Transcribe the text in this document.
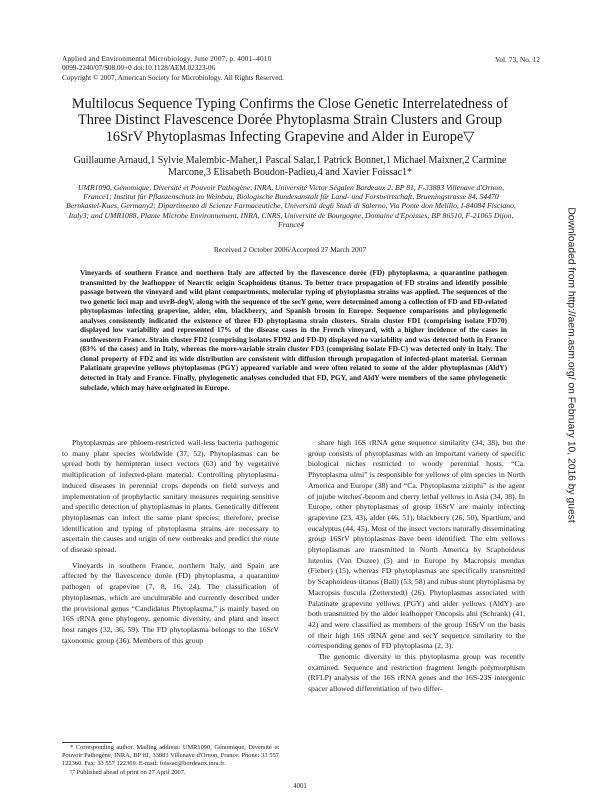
Applied and Environmental Microbiology, June 2007, p. 4001–4010
0099-2240/07/$08.00+0 doi:10.1128/AEM.02323-06
Copyright © 2007, American Society for Microbiology. All Rights Reserved.
Vol. 73, No. 12
Multilocus Sequence Typing Confirms the Close Genetic Interrelatedness of Three Distinct Flavescence Dorée Phytoplasma Strain Clusters and Group 16SrV Phytoplasmas Infecting Grapevine and Alder in Europe▽
Guillaume Arnaud,1 Sylvie Malembic-Maher,1 Pascal Salar,1 Patrick Bonnet,1 Michael Maixner,2 Carmine Marcone,3 Elisabeth Boudon-Padieu,4 and Xavier Foissac1*
UMR1090, Génomique, Diversité et Pouvoir Pathogène, INRA, Université Victor Ségalen Bordeaux 2, BP 81, F-33883 Villenave d'Ornon, France1; Institut für Pflanzenschutz im Weinbau, Biologische Bundesanstalt für Land- und Forstwirtschaft, Brueningstrasse 84, 54470 Bernkastel-Kues, Germany2; Dipartimento di Scienze Farmaceutiche, Università degli Studi di Salerno, Via Ponte don Melillo, I-84084 Fisciano, Italy3; and UMR1088, Plante Microbe Environnement, INRA, CNRS, Université de Bourgogne, Domaine d'Epoisses, BP 86510, F-21065 Dijon, France4
Received 2 October 2006/Accepted 27 March 2007
Vineyards of southern France and northern Italy are affected by the flavescence dorée (FD) phytoplasma, a quarantine pathogen transmitted by the leafhopper of Nearctic origin Scaphoideus titanus. To better trace propagation of FD strains and identify possible passage between the vineyard and wild plant compartments, molecular typing of phytoplasma strains was applied. The sequences of the two genetic loci map and uvrB-degV, along with the sequence of the secY gene, were determined among a collection of FD and FD-related phytoplasmas infecting grapevine, alder, elm, blackberry, and Spanish broom in Europe. Sequence comparisons and phylogenetic analyses consistently indicated the existence of three FD phytoplasma strain clusters. Strain cluster FD1 (comprising isolate FD70) displayed low variability and represented 17% of the disease cases in the French vineyard, with a higher incidence of the cases in southwestern France. Strain cluster FD2 (comprising isolates FD92 and FD-D) displayed no variability and was detected both in France (83% of the cases) and in Italy, whereas the more-variable strain cluster FD3 (comprising isolate FD-C) was detected only in Italy. The clonal property of FD2 and its wide distribution are consistent with diffusion through propagation of infected-plant material. German Palatinate grapevine yellows phytoplasmas (PGY) appeared variable and were often related to some of the alder phytoplasmas (AldY) detected in Italy and France. Finally, phylogenetic analyses concluded that FD, PGY, and AldY were members of the same phylogenetic subclade, which may have originated in Europe.

Phytoplasmas are phloem-restricted wall-less bacteria pathogenic to many plant species worldwide (37, 52). Phytoplasmas can be spread both by hemipteran insect vectors (63) and by vegetative multiplication of infected-plant material. Controlling phytoplasma-induced diseases in perennial crops depends on field surveys and implementation of prophylactic sanitary measures requiring sensitive and specific detection of phytoplasmas in plants. Genetically different phytoplasmas can infect the same plant species; therefore, precise identification and typing of phytoplasma strains are necessary to ascertain the causes and origin of new outbreaks and predict the route of disease spread.

Vineyards in southern France, northern Italy, and Spain are affected by the flavescence dorée (FD) phytoplasma, a quarantine pathogen of grapevine (7, 8, 16, 24). The classification of phytoplasmas, which are unculturable and currently described under the provisional genus “Candidatus Phytoplasma,” is mainly based on 16S rRNA gene phylogeny, genomic diversity, and plant and insect host ranges (32, 36, 59). The FD phytoplasma belongs to the 16SrV taxonomic group (36). Members of this group

share high 16S rRNA gene sequence similarity (34, 38), but the group consists of phytoplasmas with an important variety of specific biological niches restricted to woody perennial hosts. “Ca. Phytoplasma ulmi” is responsible for yellows of elm species in North America and Europe (38) and “Ca. Phytoplasma ziziphi” is the agent of jujube witches'-broom and cherry lethal yellows in Asia (34, 38). In Europe, other phytoplasmas of group 16SrV are mainly infecting grapevine (23, 43), alder (46, 51), blackberry (26, 50), Spartium, and eucalyptus (44, 45). Most of the insect vectors naturally disseminating group 16SrV phytoplasmas have been identified. The elm yellows phytoplasmas are transmitted in North America by Scaphoideus luteolus (Van Duzee) (5) and in Europe by Macropsis mendax (Fieber) (15), whereas FD phytoplasmas are specifically transmitted by Scaphoideus titanus (Ball) (53, 58) and rubus stunt phytoplasma by Macropsis fuscula (Zetterstedt) (26). Phytoplasmas associated with Palatinate grapevine yellows (PGY) and alder yellows (AldY) are both transmitted by the alder leafhopper Oncopsis alni (Schrank) (41, 42) and were classified as members of the group 16SrV on the basis of their high 16S rRNA gene and secY sequence similarity to the corresponding genes of FD phytoplasma (2, 3).

The genomic diversity in this phytoplasma group was recently examined. Sequence and restriction fragment length polymorphism (RFLP) analysis of the 16S rRNA genes and the 16S-23S intergenic spacer allowed differentiation of two differ-

* Corresponding author. Mailing address: UMR1090, Génomique, Diversité et Pouvoir Pathogène, INRA, BP 81, 33883 Villenave d'Ornon, France. Phone: 33 557 122360. Fax: 33 557 122369. E-mail: foissac@bordeaux.inra.fr.

▽ Published ahead of print on 27 April 2007.

4001
Downloaded from http://aem.asm.org/ on February 10, 2016 by guest
